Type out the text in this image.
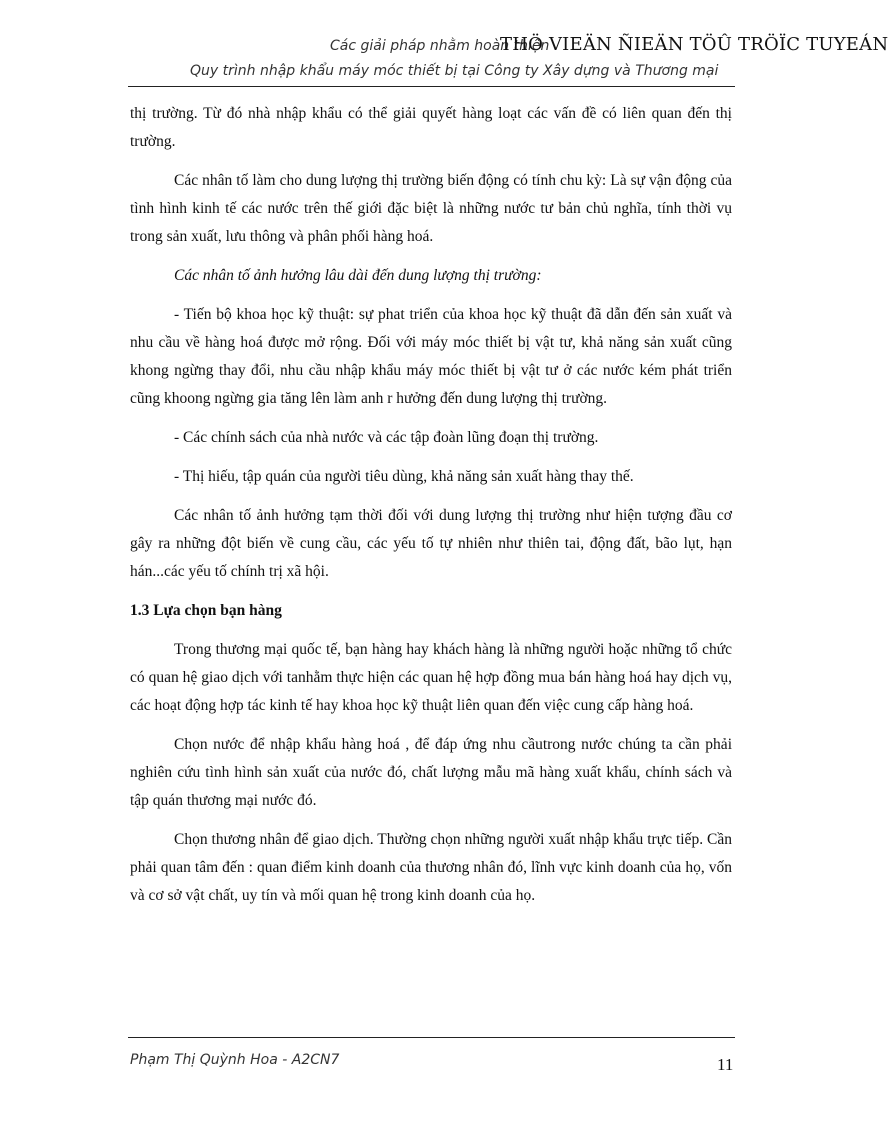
Các giải pháp nhằm hoàn thiện
THÖ VIEÄN ÑIEÄN TÖÛ TRÖÏC TUYEÁN
Quy trình nhập khẩu máy móc thiết bị tại Công ty Xây dựng và Thương mại

thị trường. Từ đó nhà nhập khẩu có thể giải quyết hàng loạt các vấn đề có liên quan đến thị trường.

Các nhân tố làm cho dung lượng thị trường biến động có tính chu kỳ: Là sự vận động của tình hình kinh tế các nước trên thế giới đặc biệt là những nước tư bản chủ nghĩa, tính thời vụ trong sản xuất, lưu thông và phân phối hàng hoá.

Các nhân tố ảnh hưởng lâu dài đến dung lượng thị trường:

- Tiến bộ khoa học kỹ thuật: sự phat triển của khoa học kỹ thuật đã dẫn đến sản xuất và nhu cầu về hàng hoá được mở rộng. Đối với máy móc thiết bị vật tư, khả năng sản xuất cũng khong ngừng thay đổi, nhu cầu nhập khẩu máy móc thiết bị vật tư ở các nước kém phát triển cũng khoong ngừng gia tăng lên làm anh r hưởng đến dung lượng thị trường.

- Các chính sách của nhà nước và các tập đoàn lũng đoạn thị trường.

- Thị hiếu, tập quán của người tiêu dùng, khả năng sản xuất hàng thay thế.

Các nhân tố ảnh hưởng tạm thời đối với dung lượng thị trường như hiện tượng đầu cơ gây ra những đột biến về cung cầu, các yếu tố tự nhiên như thiên tai, động đất, bão lụt, hạn hán...các yếu tố chính trị xã hội.

1.3 Lựa chọn bạn hàng

Trong thương mại quốc tế, bạn hàng hay khách hàng là những người hoặc những tổ chức có quan hệ giao dịch với tanhằm thực hiện các quan hệ hợp đồng mua bán hàng hoá hay dịch vụ, các hoạt động hợp tác kinh tế hay khoa học kỹ thuật liên quan đến việc cung cấp hàng hoá.

Chọn nước để nhập khẩu hàng hoá , để đáp ứng nhu cầutrong nước chúng ta cần phải nghiên cứu tình hình sản xuất của nước đó, chất lượng mẫu mã hàng xuất khẩu, chính sách và tập quán thương mại nước đó.

Chọn thương nhân để giao dịch. Thường chọn những người xuất nhập khẩu trực tiếp. Cần phải quan tâm đến : quan điểm kinh doanh của thương nhân đó, lĩnh vực kinh doanh của họ, vốn và cơ sở vật chất, uy tín và mối quan hệ trong kinh doanh của họ.

Phạm Thị Quỳnh Hoa - A2CN7	11
